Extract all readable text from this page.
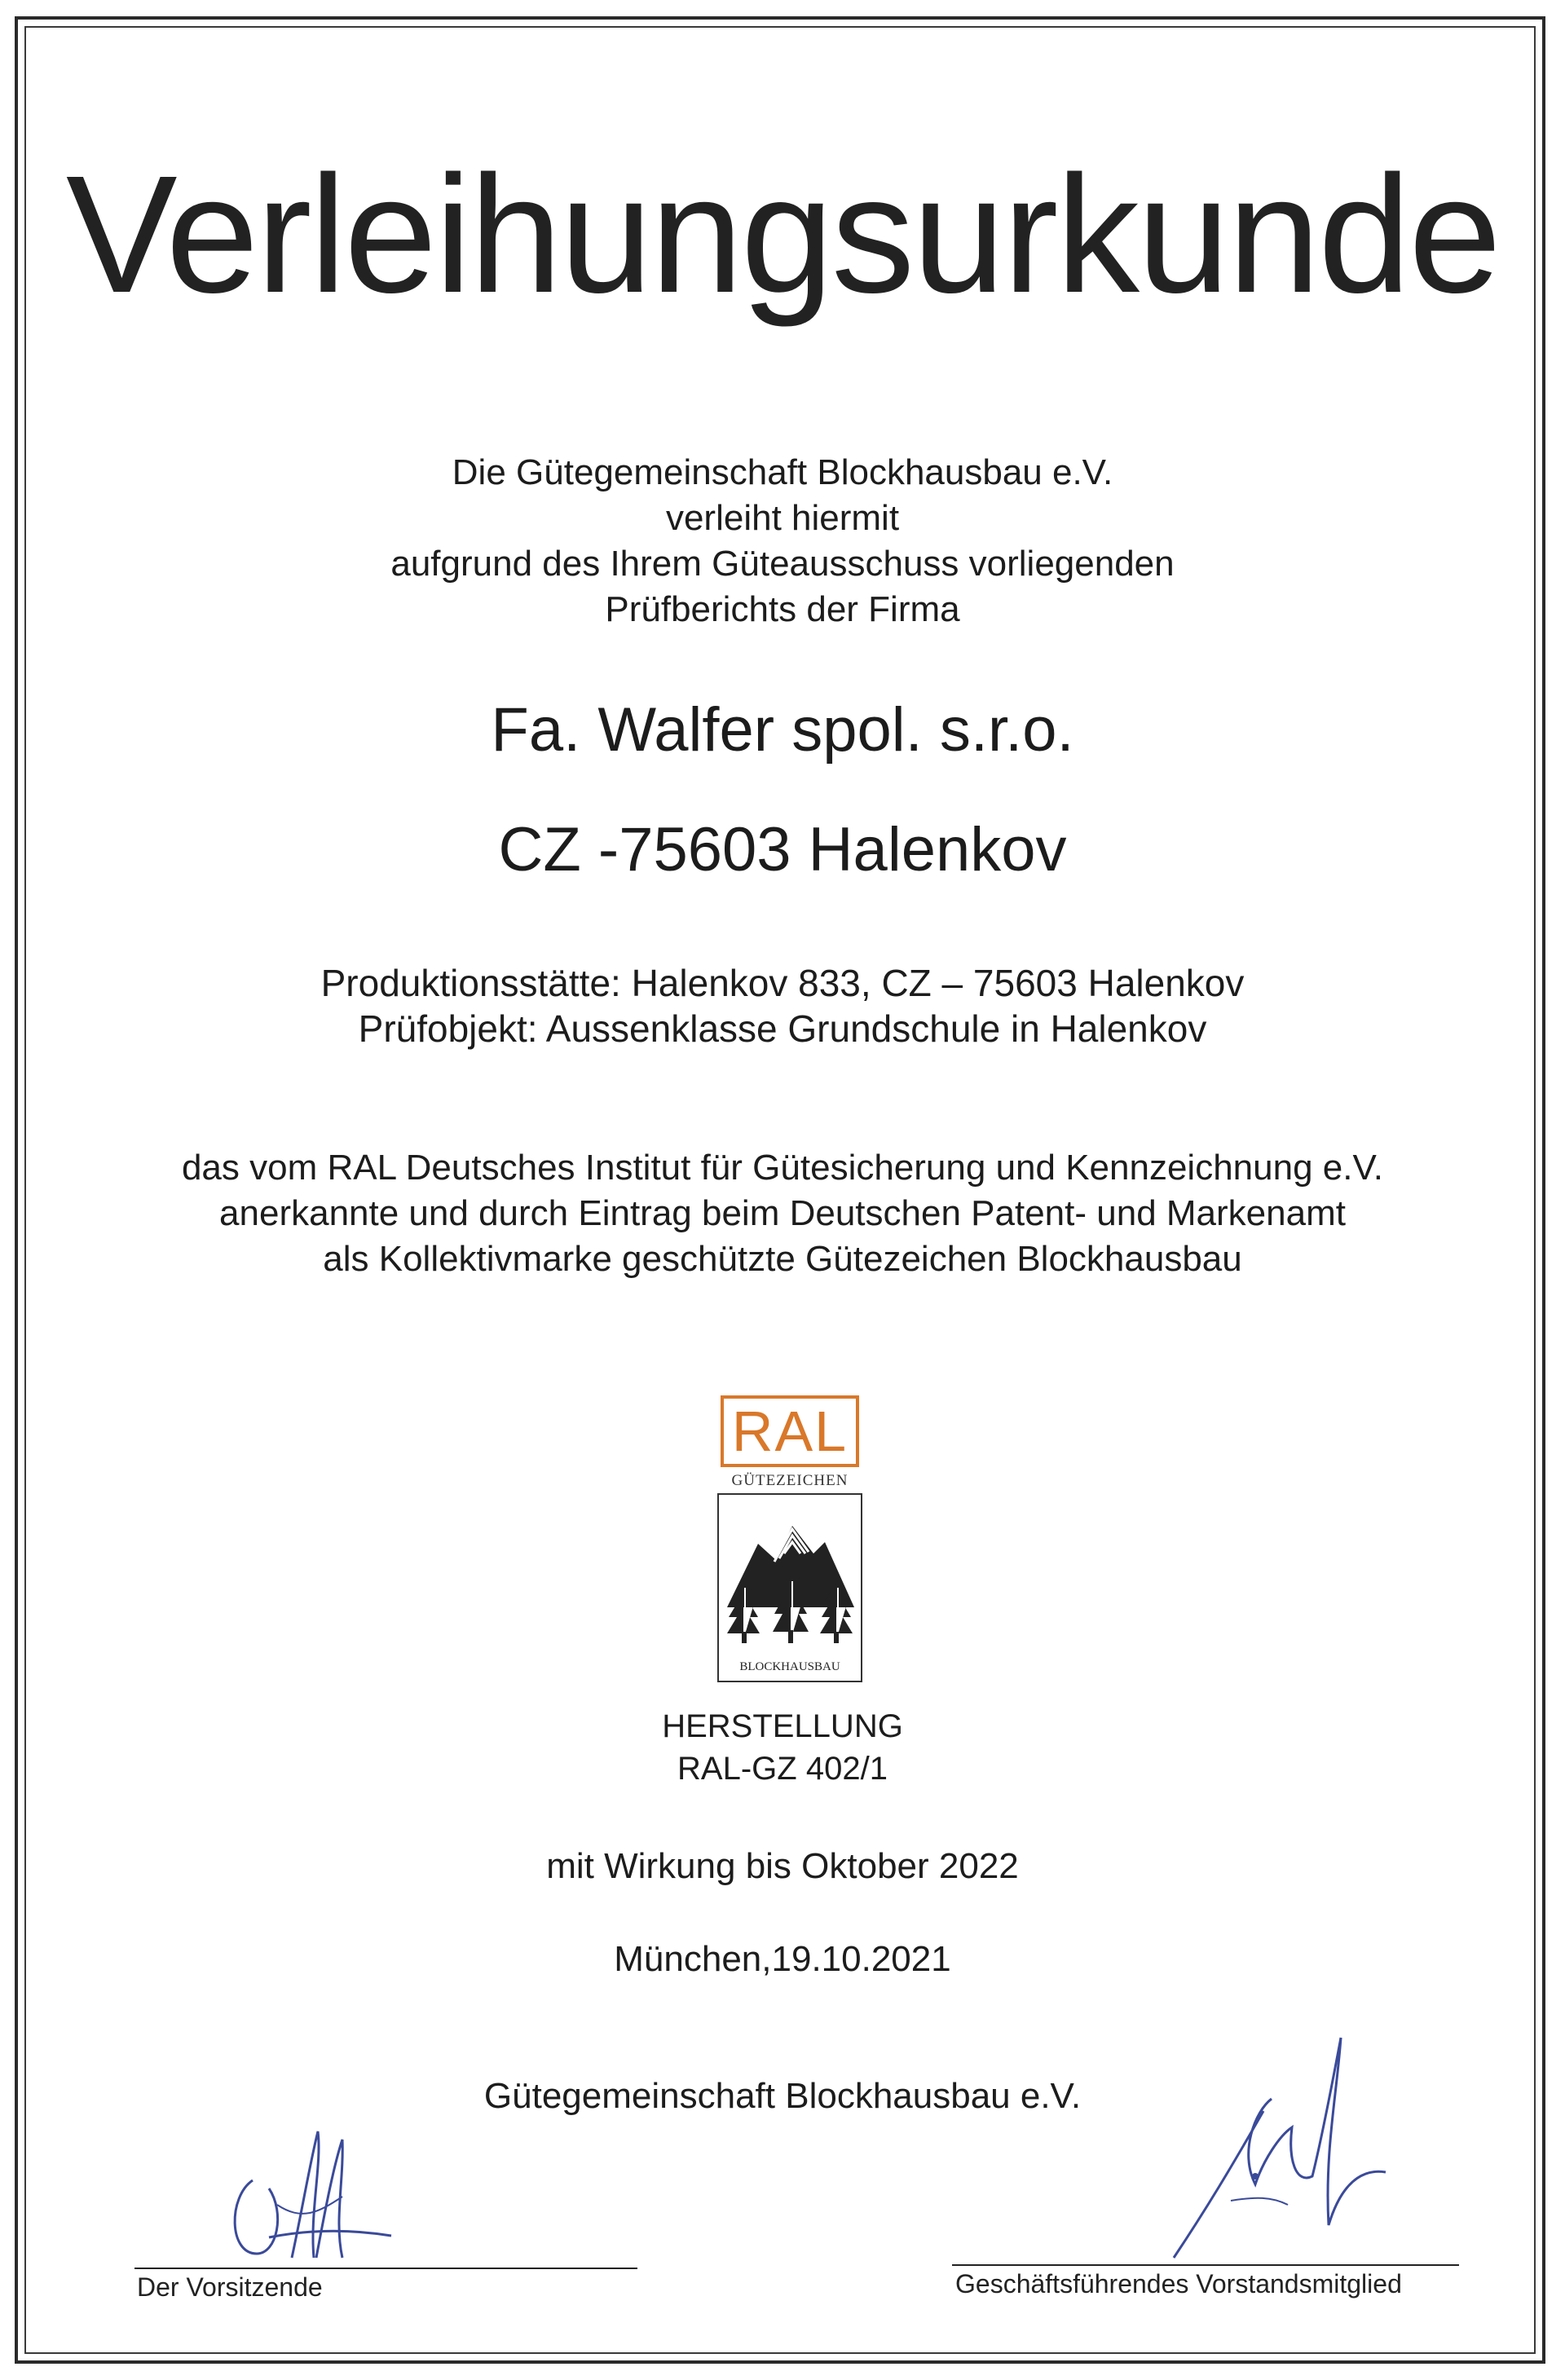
Verleihungsurkunde
Die Gütegemeinschaft Blockhausbau e.V.
verleiht hiermit
aufgrund des Ihrem Güteausschuss vorliegenden
Prüfberichts der Firma
Fa. Walfer spol. s.r.o.
CZ -75603 Halenkov
Produktionsstätte: Halenkov 833, CZ – 75603 Halenkov
Prüfobjekt: Aussenklasse Grundschule in Halenkov
das vom RAL Deutsches Institut für Gütesicherung und Kennzeichnung e.V.
anerkannte und durch Eintrag beim Deutschen Patent- und Markenamt
als Kollektivmarke geschützte Gütezeichen Blockhausbau
RAL
GÜTEZEICHEN
BLOCKHAUSBAU
HERSTELLUNG
RAL-GZ 402/1
mit Wirkung bis Oktober 2022
München,19.10.2021
Gütegemeinschaft Blockhausbau e.V.
Der Vorsitzende	Geschäftsführendes Vorstandsmitglied
